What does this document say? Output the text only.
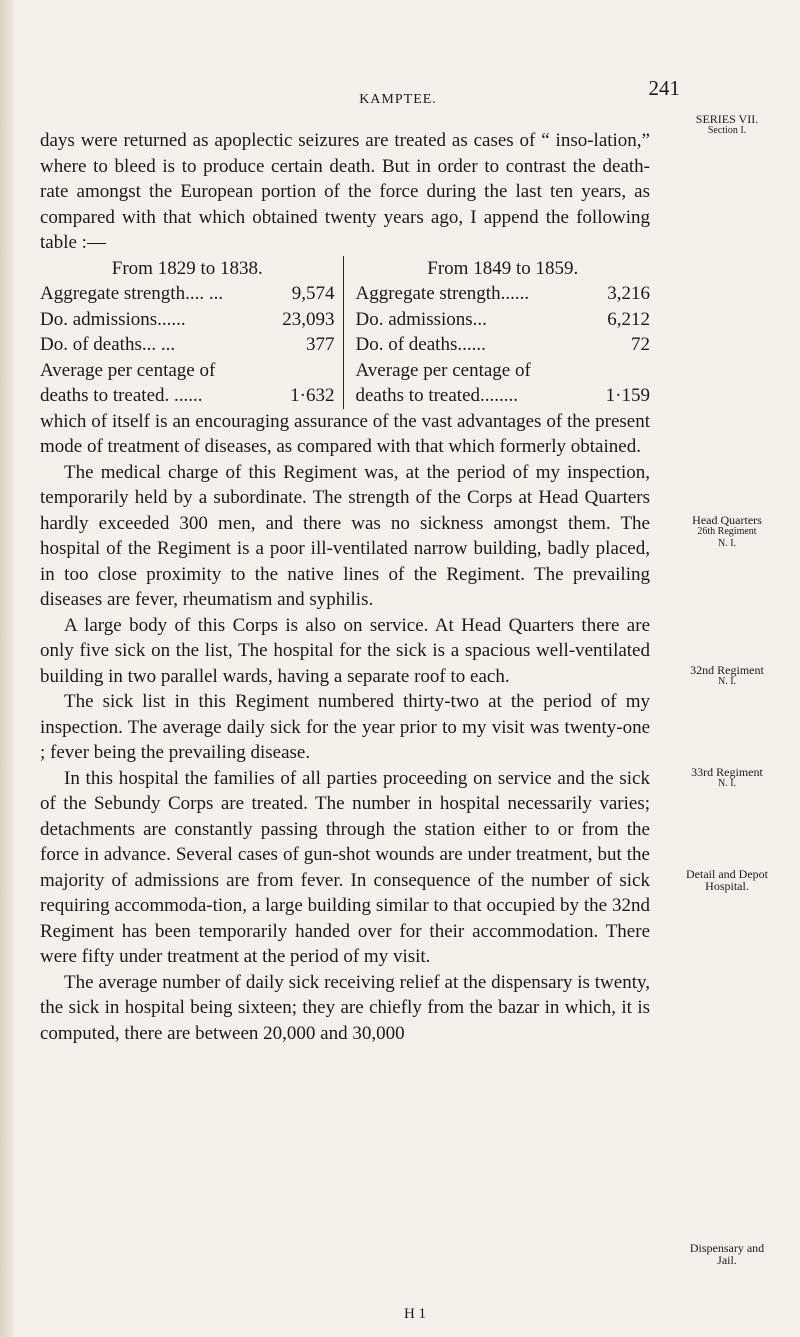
KAMPTEE.	241

days were returned as apoplectic seizures are treated as cases of “ inso-lation,” where to bleed is to produce certain death. But in order to contrast the death-rate amongst the European portion of the force during the last ten years, as compared with that which obtained twenty years ago, I append the following table :—

From 1829 to 1838.
Aggregate strength.... ...	9,574
Do. admissions......	23,093
Do. of deaths... ...	377
Average per centage of
deaths to treated. ......	1·632
From 1849 to 1859.
Aggregate strength......	3,216
Do. admissions...	6,212
Do. of deaths......	72
Average per centage of
deaths to treated........	1·159

which of itself is an encouraging assurance of the vast advantages of the present mode of treatment of diseases, as compared with that which formerly obtained.

The medical charge of this Regiment was, at the period of my inspection, temporarily held by a subordinate. The strength of the Corps at Head Quarters hardly exceeded 300 men, and there was no sickness amongst them. The hospital of the Regiment is a poor ill-ventilated narrow building, badly placed, in too close proximity to the native lines of the Regiment. The prevailing diseases are fever, rheumatism and syphilis.

A large body of this Corps is also on service. At Head Quarters there are only five sick on the list, The hospital for the sick is a spacious well-ventilated building in two parallel wards, having a separate roof to each.

The sick list in this Regiment numbered thirty-two at the period of my inspection. The average daily sick for the year prior to my visit was twenty-one ; fever being the prevailing disease.

In this hospital the families of all parties proceeding on service and the sick of the Sebundy Corps are treated. The number in hospital necessarily varies; detachments are constantly passing through the station either to or from the force in advance. Several cases of gun-shot wounds are under treatment, but the majority of admissions are from fever. In consequence of the number of sick requiring accommoda-tion, a large building similar to that occupied by the 32nd Regiment has been temporarily handed over for their accommodation. There were fifty under treatment at the period of my visit.

The average number of daily sick receiving relief at the dispensary is twenty, the sick in hospital being sixteen; they are chiefly from the bazar in which, it is computed, there are between 20,000 and 30,000

SERIES VII.
Section I.
Head Quarters
26th Regiment
N. I.
32nd Regiment
N. I.
33rd Regiment
N. I.
Detail and Depot
Hospital.
Dispensary and
Jail.
H 1
